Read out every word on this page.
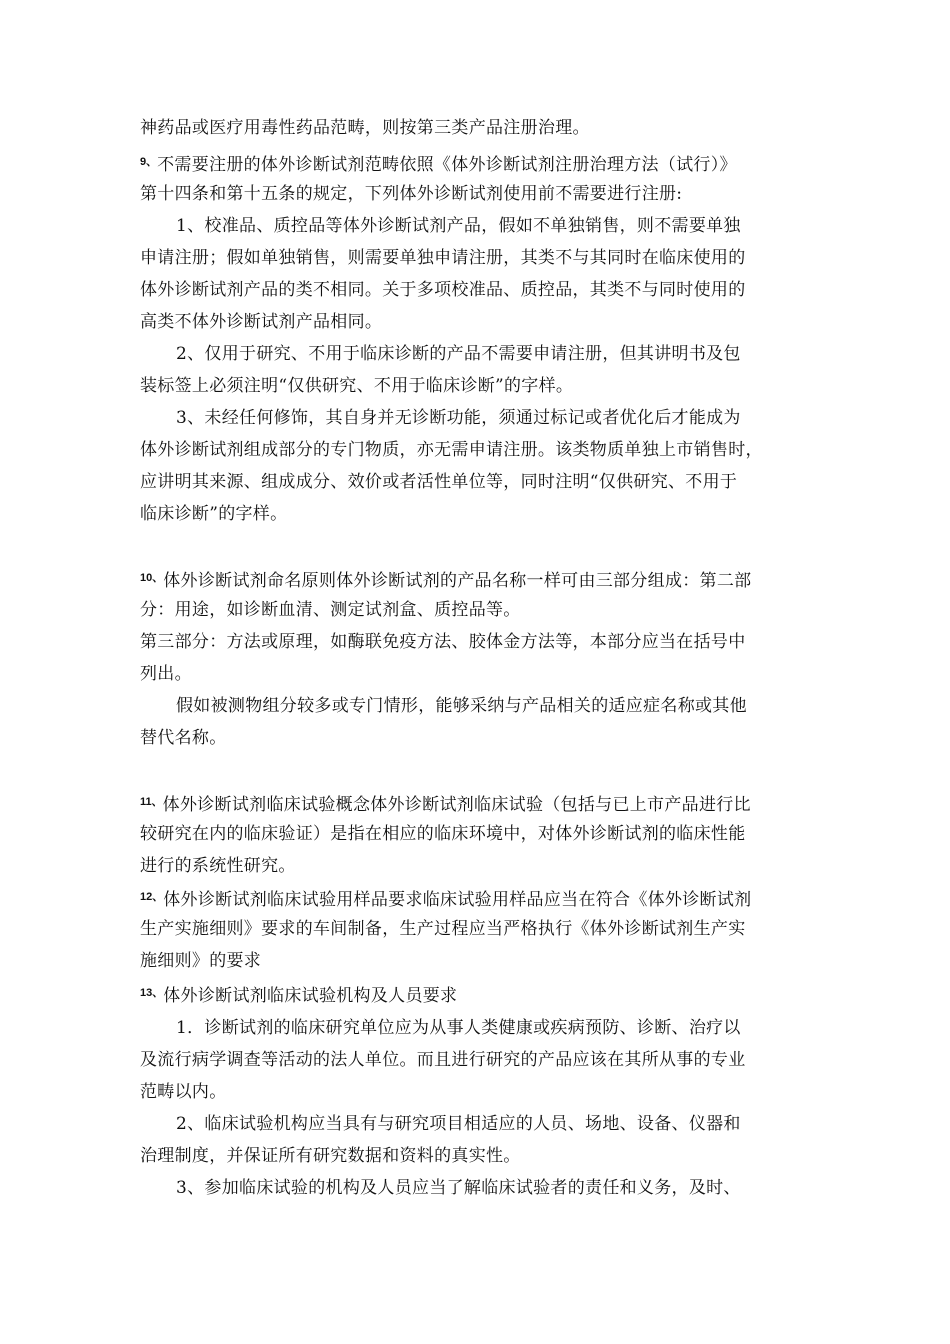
神药品或医疗用毒性药品范畴，则按第三类产品注册治理。
$^{9、}$不需要注册的体外诊断试剂范畴依照《体外诊断试剂注册治理方法（试行）》
第十四条和第十五条的规定，下列体外诊断试剂使用前不需要进行注册:
1、校准品、质控品等体外诊断试剂产品，假如不单独销售，则不需要单独
申请注册；假如单独销售，则需要单独申请注册，其类不与其同时在临床使用的
体外诊断试剂产品的类不相同。关于多项校准品、质控品，其类不与同时使用的
高类不体外诊断试剂产品相同。
2、仅用于研究、不用于临床诊断的产品不需要申请注册，但其讲明书及包
装标签上必须注明“仅供研究、不用于临床诊断”的字样。
3、未经任何修饰，其自身并无诊断功能，须通过标记或者优化后才能成为
体外诊断试剂组成部分的专门物质，亦无需申请注册。该类物质单独上市销售时，
应讲明其来源、组成成分、效价或者活性单位等，同时注明“仅供研究、不用于
临床诊断”的字样。
$^{10、}$体外诊断试剂命名原则体外诊断试剂的产品名称一样可由三部分组成：第二部
分：用途，如诊断血清、测定试剂盒、质控品等。
第三部分：方法或原理，如酶联免疫方法、胶体金方法等，本部分应当在括号中
列出。
假如被测物组分较多或专门情形，能够采纳与产品相关的适应症名称或其他
替代名称。
$^{11、}$体外诊断试剂临床试验概念体外诊断试剂临床试验（包括与已上市产品进行比
较研究在内的临床验证）是指在相应的临床环境中，对体外诊断试剂的临床性能
进行的系统性研究。
$^{12、}$体外诊断试剂临床试验用样品要求临床试验用样品应当在符合《体外诊断试剂
生产实施细则》要求的车间制备，生产过程应当严格执行《体外诊断试剂生产实
施细则》的要求
$^{13、}$体外诊断试剂临床试验机构及人员要求
1．诊断试剂的临床研究单位应为从事人类健康或疾病预防、诊断、治疗以
及流行病学调查等活动的法人单位。而且进行研究的产品应该在其所从事的专业
范畴以内。
2、临床试验机构应当具有与研究项目相适应的人员、场地、设备、仪器和
治理制度，并保证所有研究数据和资料的真实性。
3、参加临床试验的机构及人员应当了解临床试验者的责任和义务，及时、
